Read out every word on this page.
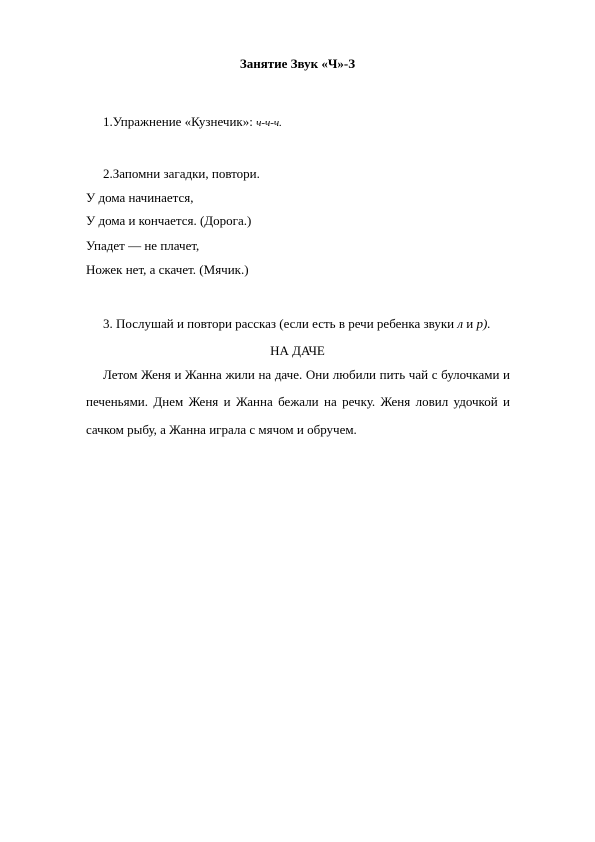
Занятие Звук «Ч»-З
1.Упражнение «Кузнечик»: ч-ч-ч.
2.Запомни загадки, повтори.
У дома начинается,
У дома и кончается. (Дорога.)
Упадет — не плачет,
Ножек нет, а скачет. (Мячик.)
3. Послушай и повтори рассказ (если есть в речи ребенка звуки л и р).
НА ДАЧЕ
Летом Женя и Жанна жили на даче. Они любили пить чай с булочками и
печеньями. Днем Женя и Жанна бежали на речку. Женя ловил удочкой и
сачком рыбу, а Жанна играла с мячом и обручем.
